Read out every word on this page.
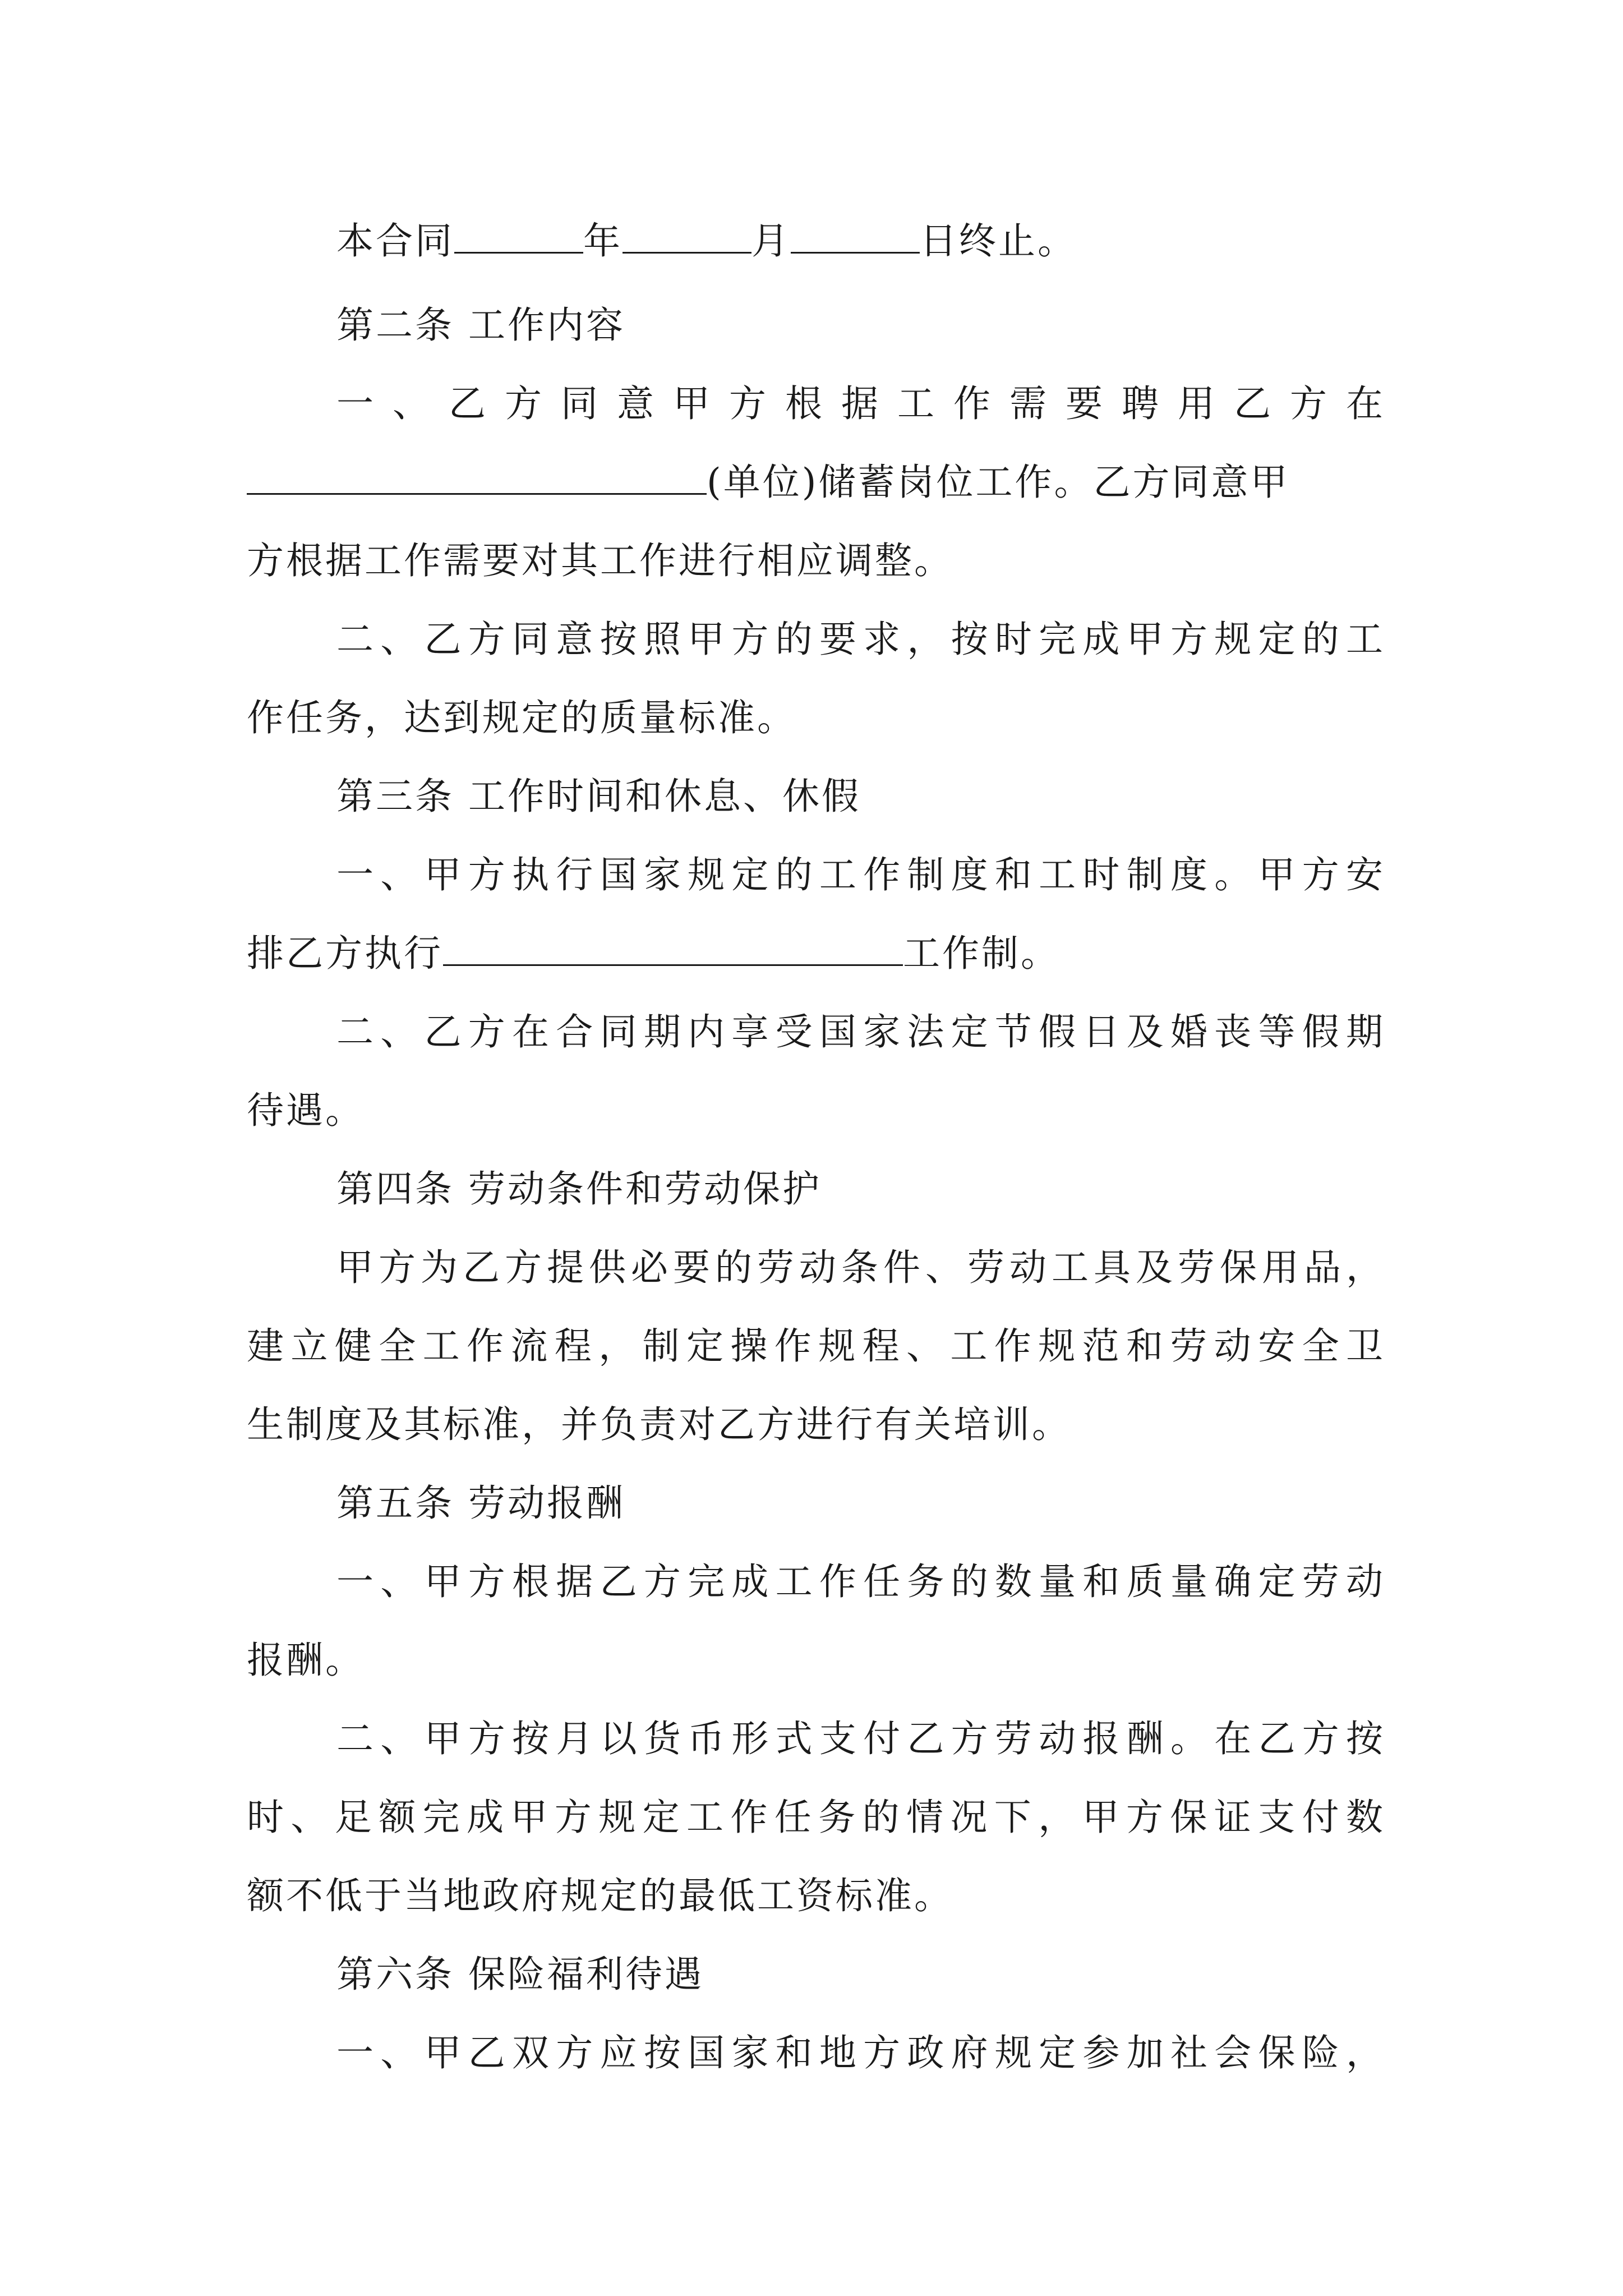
本合同	年	月	日终止。
第二条 工作内容
一、乙方同意甲方根据工作需要聘用乙方在
(单位)储蓄岗位工作。乙方同意甲
方根据工作需要对其工作进行相应调整。
二、乙方同意按照甲方的要求，按时完成甲方规定的工
作任务，达到规定的质量标准。
第三条 工作时间和休息、休假
一、甲方执行国家规定的工作制度和工时制度。甲方安
排乙方执行	工作制。
二、乙方在合同期内享受国家法定节假日及婚丧等假期
待遇。
第四条 劳动条件和劳动保护
甲方为乙方提供必要的劳动条件、劳动工具及劳保用品，
建立健全工作流程，制定操作规程、工作规范和劳动安全卫
生制度及其标准，并负责对乙方进行有关培训。
第五条 劳动报酬
一、甲方根据乙方完成工作任务的数量和质量确定劳动
报酬。
二、甲方按月以货币形式支付乙方劳动报酬。在乙方按
时、足额完成甲方规定工作任务的情况下，甲方保证支付数
额不低于当地政府规定的最低工资标准。
第六条 保险福利待遇
一、甲乙双方应按国家和地方政府规定参加社会保险，
